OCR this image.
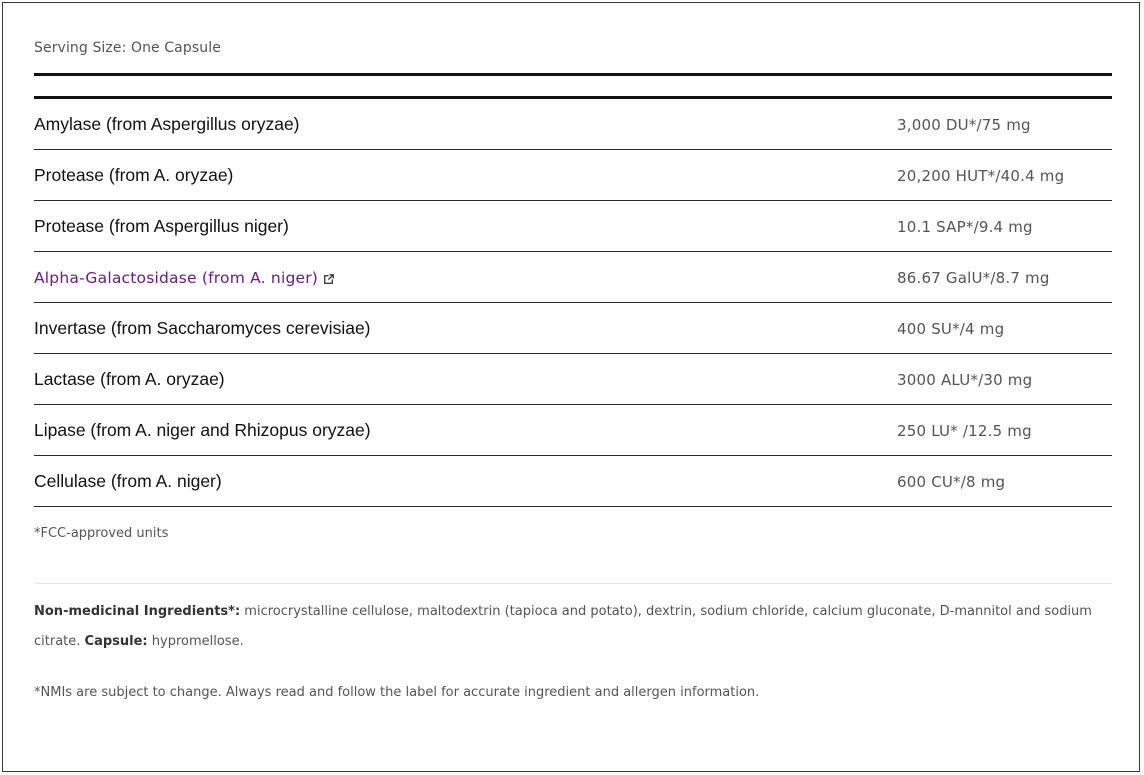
Serving Size: One Capsule
Amylase (from Aspergillus oryzae)	3,000 DU*/75 mg
Protease (from A. oryzae)	20,200 HUT*/40.4 mg
Protease (from Aspergillus niger)	10.1 SAP*/9.4 mg
Alpha-Galactosidase (from A. niger)	86.67 GalU*/8.7 mg
Invertase (from Saccharomyces cerevisiae)	400 SU*/4 mg
Lactase (from A. oryzae)	3000 ALU*/30 mg
Lipase (from A. niger and Rhizopus oryzae)	250 LU* /12.5 mg
Cellulase (from A. niger)	600 CU*/8 mg
*FCC-approved units
Non-medicinal Ingredients*: microcrystalline cellulose, maltodextrin (tapioca and potato), dextrin, sodium chloride, calcium gluconate, D-mannitol and sodium citrate. Capsule: hypromellose.
*NMIs are subject to change. Always read and follow the label for accurate ingredient and allergen information.
